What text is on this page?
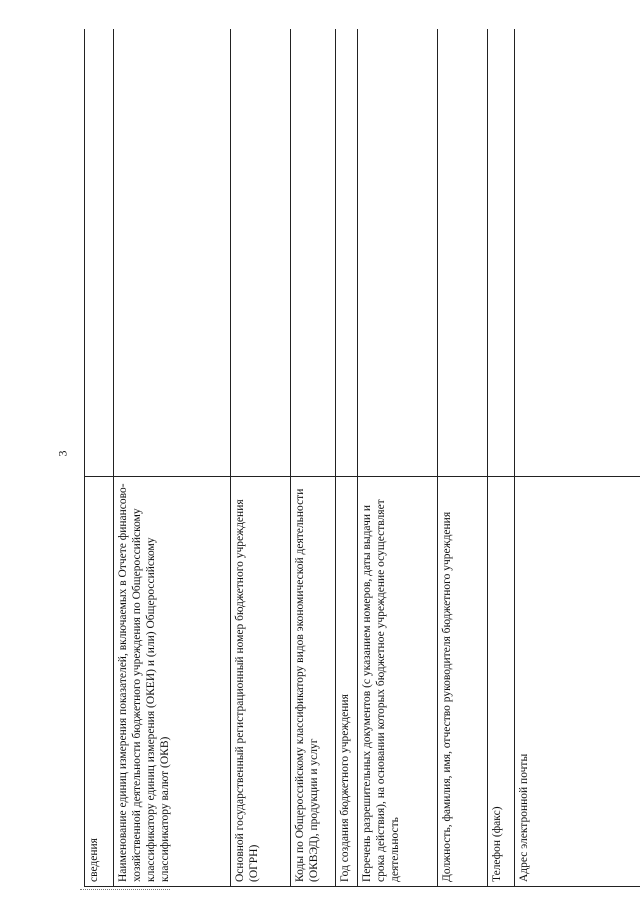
3
сведения	
Наименование единиц измерения показателей, включаемых в Отчете финансово-хозяйственной деятельности бюджетного учреждения по Общероссийскому классификатору единиц измерения (ОКЕИ) и (или) Общероссийскому классификатору валют (ОКВ)	
Основной государственный регистрационный номер бюджетного учреждения (ОГРН)	
Коды по Общероссийскому классификатору видов экономической деятельности (ОКВЭД), продукции и услуг	
Год создания бюджетного учреждения	
Перечень разрешительных документов (с указанием номеров, даты выдачи и срока действия), на основании которых бюджетное учреждение осуществляет деятельность	
Должность, фамилия, имя, отчество руководителя бюджетного учреждения	
Телефон (факс)	
Адрес электронной почты	
